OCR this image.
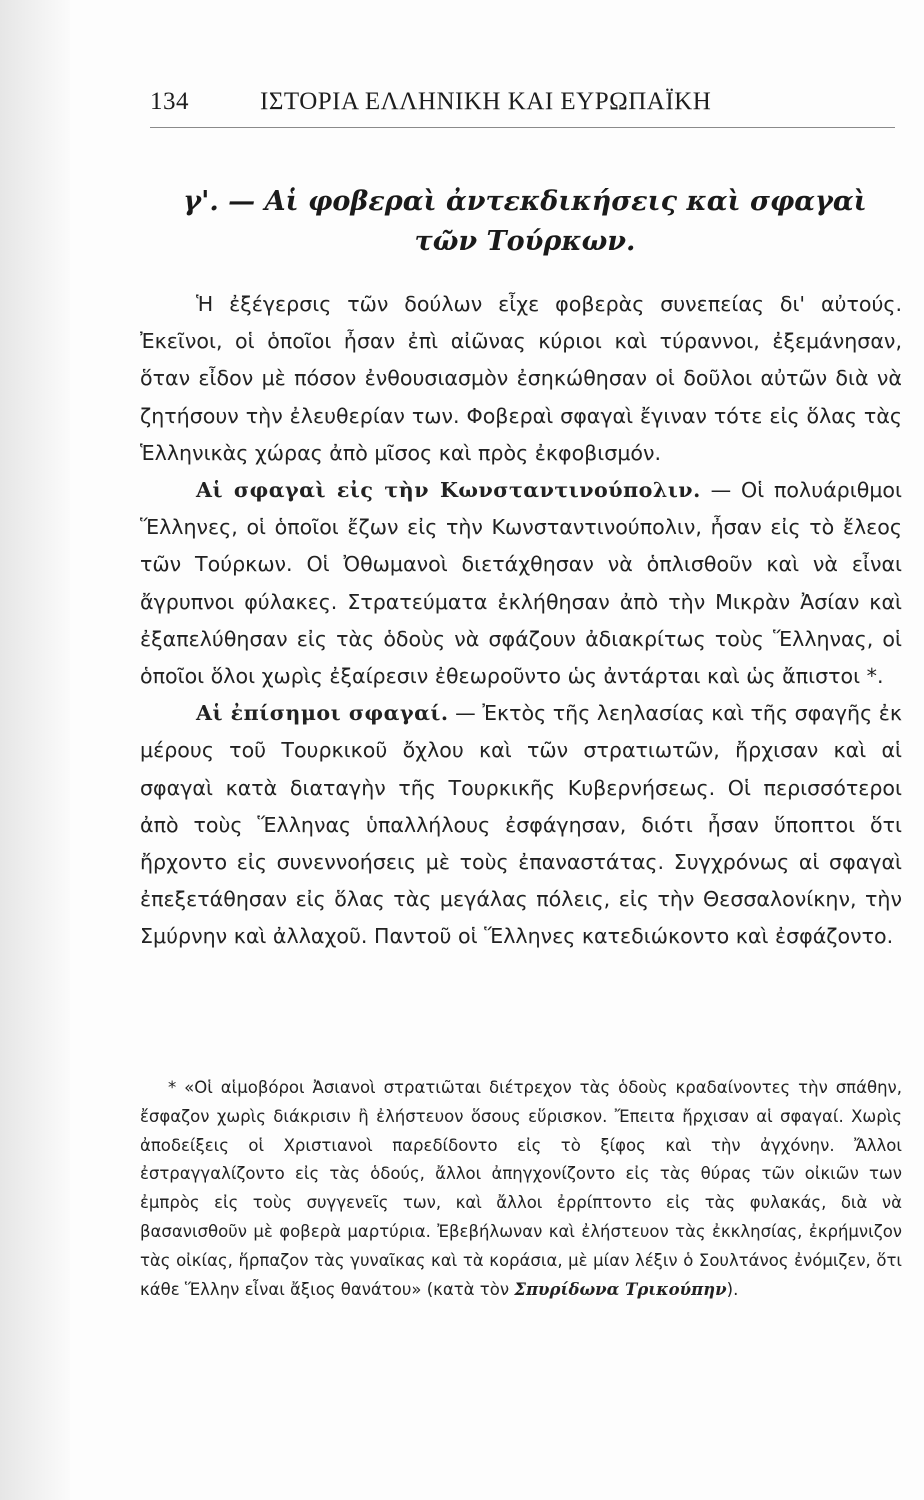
134	ΙΣΤΟΡΙΑ ΕΛΛΗΝΙΚΗ ΚΑΙ ΕΥΡΩΠΑΪΚΗ
γ'. — Αἱ φοβεραὶ ἀντεκδικήσεις καὶ σφαγαὶ τῶν Τούρκων.

Ἡ ἐξέγερσις τῶν δούλων εἶχε φοβερὰς συνεπείας δι' αὐτούς. Ἐκεῖνοι, οἱ ὁποῖοι ἦσαν ἐπὶ αἰῶνας κύριοι καὶ τύραννοι, ἐξεμάνησαν, ὅταν εἶδον μὲ πόσον ἐνθουσιασμὸν ἐσηκώθησαν οἱ δοῦλοι αὐτῶν διὰ νὰ ζητήσουν τὴν ἐλευθερίαν των. Φοβεραὶ σφαγαὶ ἔγιναν τότε εἰς ὅλας τὰς Ἑλληνικὰς χώρας ἀπὸ μῖσος καὶ πρὸς ἐκφοβισμόν.

Αἱ σφαγαὶ εἰς τὴν Κωνσταντινούπολιν. — Οἱ πολυάριθμοι Ἕλληνες, οἱ ὁποῖοι ἔζων εἰς τὴν Κωνσταντινούπολιν, ἦσαν εἰς τὸ ἔλεος τῶν Τούρκων. Οἱ Ὀθωμανοὶ διετάχθησαν νὰ ὁπλισθοῦν καὶ νὰ εἶναι ἄγρυπνοι φύλακες. Στρατεύματα ἐκλήθησαν ἀπὸ τὴν Μικρὰν Ἀσίαν καὶ ἐξαπελύθησαν εἰς τὰς ὁδοὺς νὰ σφάζουν ἀδιακρίτως τοὺς Ἕλληνας, οἱ ὁποῖοι ὅλοι χωρὶς ἐξαίρεσιν ἐθεωροῦντο ὡς ἀντάρται καὶ ὡς ἄπιστοι *.

Αἱ ἐπίσημοι σφαγαί. — Ἐκτὸς τῆς λεηλασίας καὶ τῆς σφαγῆς ἐκ μέρους τοῦ Τουρκικοῦ ὄχλου καὶ τῶν στρατιωτῶν, ἤρχισαν καὶ αἱ σφαγαὶ κατὰ διαταγὴν τῆς Τουρκικῆς Κυβερνήσεως. Οἱ περισσότεροι ἀπὸ τοὺς Ἕλληνας ὑπαλλήλους ἐσφάγησαν, διότι ἦσαν ὕποπτοι ὅτι ἤρχοντο εἰς συνεννοήσεις μὲ τοὺς ἐπαναστάτας. Συγχρόνως αἱ σφαγαὶ ἐπεξετάθησαν εἰς ὅλας τὰς μεγάλας πόλεις, εἰς τὴν Θεσσαλονίκην, τὴν Σμύρνην καὶ ἀλλαχοῦ. Παντοῦ οἱ Ἕλληνες κατεδιώκοντο καὶ ἐσφάζοντο.

* «Οἱ αἱμοβόροι Ἀσιανοὶ στρατιῶται διέτρεχον τὰς ὁδοὺς κραδαίνοντες τὴν σπάθην, ἔσφαζον χωρὶς διάκρισιν ἢ ἐλήστευον ὅσους εὕρισκον. Ἔπειτα ἤρχισαν αἱ σφαγαί. Χωρὶς ἀποδείξεις οἱ Χριστιανοὶ παρεδίδοντο εἰς τὸ ξίφος καὶ τὴν ἀγχόνην. Ἄλλοι ἐστραγγαλίζοντο εἰς τὰς ὁδούς, ἄλλοι ἀπηγχονίζοντο εἰς τὰς θύρας τῶν οἰκιῶν των ἐμπρὸς εἰς τοὺς συγγενεῖς των, καὶ ἄλλοι ἐρρίπτοντο εἰς τὰς φυλακάς, διὰ νὰ βασανισθοῦν μὲ φοβερὰ μαρτύρια. Ἐβεβήλωναν καὶ ἐλήστευον τὰς ἐκκλησίας, ἐκρήμνιζον τὰς οἰκίας, ἥρπαζον τὰς γυναῖκας καὶ τὰ κοράσια, μὲ μίαν λέξιν ὁ Σουλτάνος ἐνόμιζεν, ὅτι κάθε Ἕλλην εἶναι ἄξιος θανάτου» (κατὰ τὸν Σπυρίδωνα Τρικούπην).
